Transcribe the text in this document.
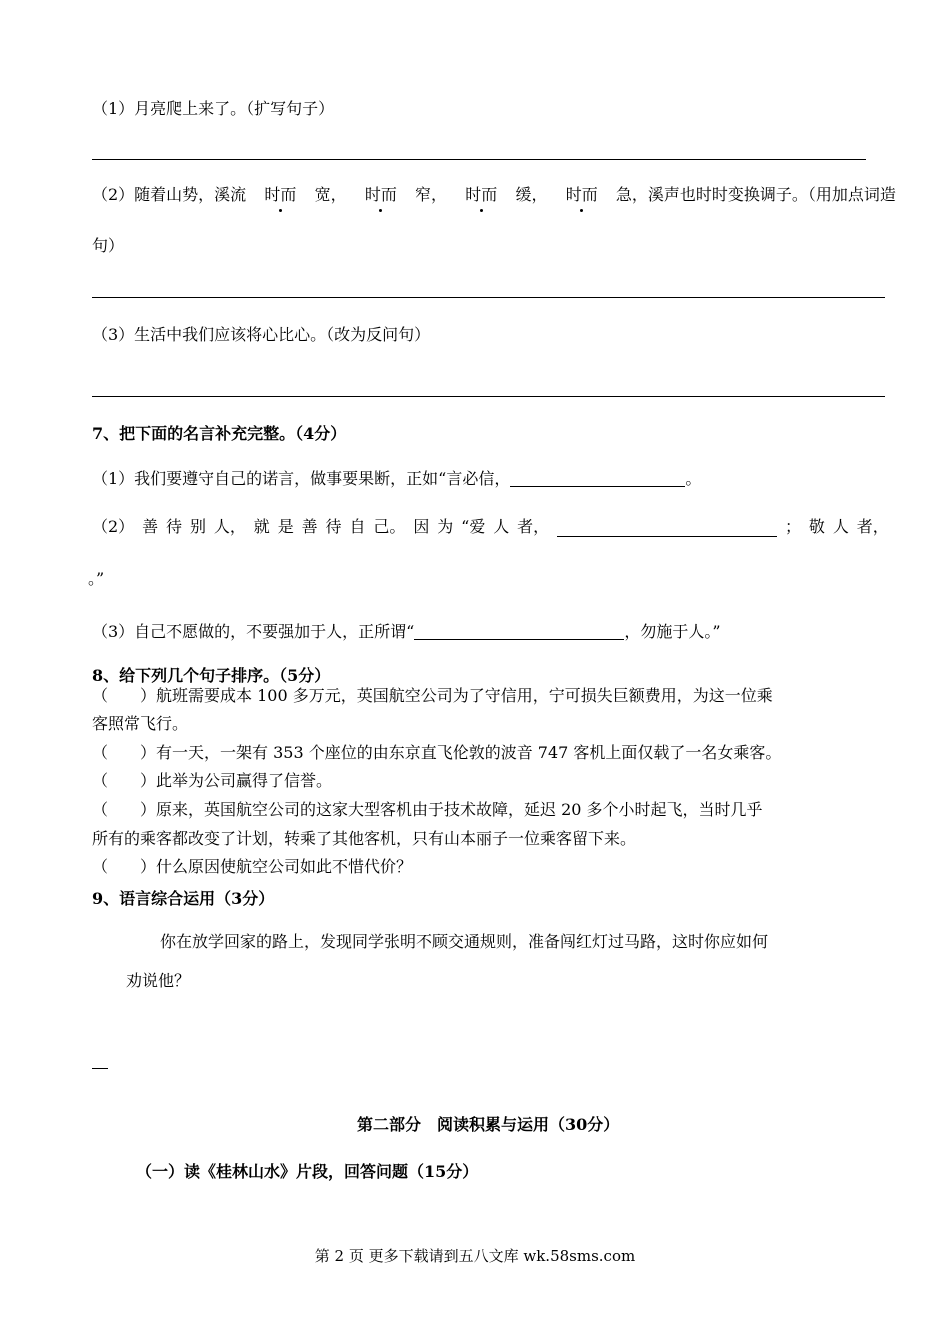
（1）月亮爬上来了。（扩写句子）
（2）随着山势，溪流 时而 宽， 时而 窄， 时而 缓， 时而 急，溪声也时时变换调子。（用加点词造
句）
（3）生活中我们应该将心比心。（改为反问句）
7、把下面的名言补充完整。（4分）
（1）我们要遵守自己的诺言，做事要果断，正如“言必信，	。
（2） 善 待 别 人， 就 是 善 待 自 己。 因 为 “爱 人 者，	； 敬 人 者，
。”
（3）自己不愿做的，不要强加于人，正所谓“	，勿施于人。”
8、给下列几个句子排序。（5分）
（　　）航班需要成本 100 多万元，英国航空公司为了守信用，宁可损失巨额费用，为这一位乘
客照常飞行。
（　　）有一天，一架有 353 个座位的由东京直飞伦敦的波音 747 客机上面仅载了一名女乘客。
（　　）此举为公司赢得了信誉。
（　　）原来，英国航空公司的这家大型客机由于技术故障，延迟 20 多个小时起飞，当时几乎
所有的乘客都改变了计划，转乘了其他客机，只有山本丽子一位乘客留下来。
（　　）什么原因使航空公司如此不惜代价？
9、语言综合运用（3分）
你在放学回家的路上，发现同学张明不顾交通规则，准备闯红灯过马路，这时你应如何
劝说他？
第二部分　阅读积累与运用（30分）
（一）读《桂林山水》片段，回答问题（15分）
第 2 页 更多下载请到五八文库 wk.58sms.com
